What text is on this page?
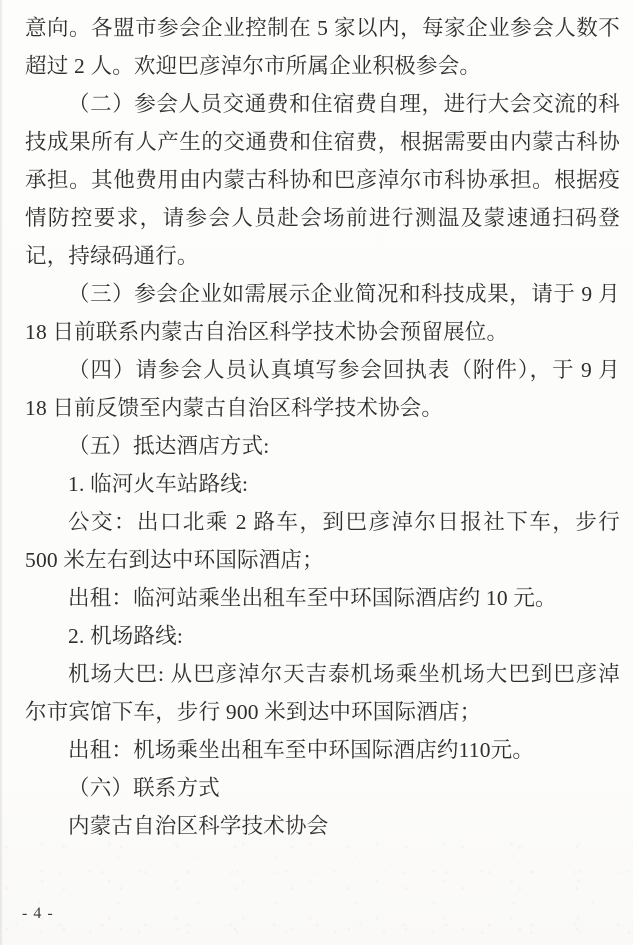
意向。各盟市参会企业控制在 5 家以内，每家企业参会人数不超过 2 人。欢迎巴彦淖尔市所属企业积极参会。

（二）参会人员交通费和住宿费自理，进行大会交流的科技成果所有人产生的交通费和住宿费，根据需要由内蒙古科协承担。其他费用由内蒙古科协和巴彦淖尔市科协承担。根据疫情防控要求，请参会人员赴会场前进行测温及蒙速通扫码登记，持绿码通行。

（三）参会企业如需展示企业简况和科技成果，请于 9 月 18 日前联系内蒙古自治区科学技术协会预留展位。

（四）请参会人员认真填写参会回执表（附件），于 9 月 18 日前反馈至内蒙古自治区科学技术协会。

（五）抵达酒店方式:

1. 临河火车站路线:

公交：出口北乘 2 路车，到巴彦淖尔日报社下车，步行 500 米左右到达中环国际酒店；

出租：临河站乘坐出租车至中环国际酒店约 10 元。

2. 机场路线:

机场大巴: 从巴彦淖尔天吉泰机场乘坐机场大巴到巴彦淖尔市宾馆下车，步行 900 米到达中环国际酒店；

出租：机场乘坐出租车至中环国际酒店约110元。

（六）联系方式

内蒙古自治区科学技术协会

- 4 -
